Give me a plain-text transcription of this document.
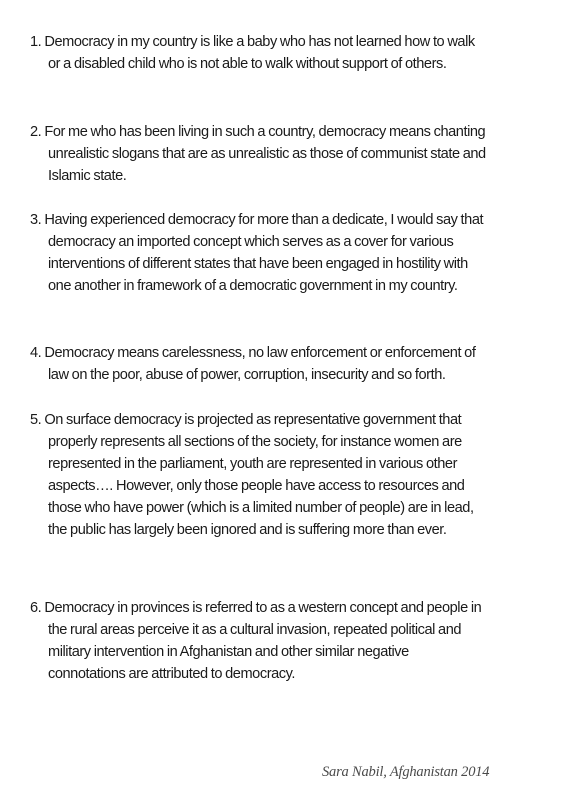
1. Democracy in my country is like a baby who has not learned how to walk
or a disabled child who is not able to walk without support of others.
2. For me who has been living in such a country, democracy means chanting
unrealistic slogans that are as unrealistic as those of communist state and
Islamic state.
3. Having experienced democracy for more than a dedicate, I would say that
democracy an imported concept which serves as a cover for various
interventions of different states that have been engaged in hostility with
one another in framework of a democratic government in my country.
4. Democracy means carelessness, no law enforcement or enforcement of
law on the poor, abuse of power, corruption, insecurity and so forth.
5. On surface democracy is projected as representative government that
properly represents all sections of the society, for instance women are
represented in the parliament, youth are represented in various other
aspects…. However, only those people have access to resources and
those who have power (which is a limited number of people) are in lead,
the public has largely been ignored and is suffering more than ever.
6. Democracy in provinces is referred to as a western concept and people in
the rural areas perceive it as a cultural invasion, repeated political and
military intervention in Afghanistan and other similar negative
connotations are attributed to democracy.
Sara Nabil, Afghanistan 2014
